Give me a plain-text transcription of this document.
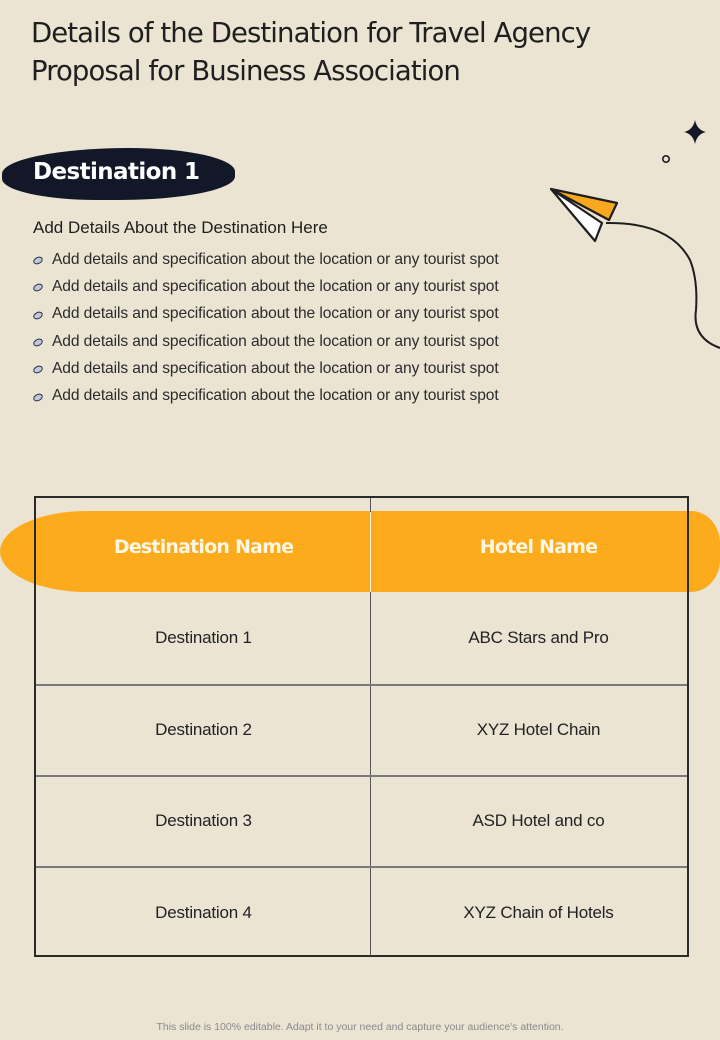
Details of the Destination for Travel Agency
Proposal for Business Association
Destination 1
Add Details About the Destination Here
Add details and specification about the location or any tourist spot
Add details and specification about the location or any tourist spot
Add details and specification about the location or any tourist spot
Add details and specification about the location or any tourist spot
Add details and specification about the location or any tourist spot
Add details and specification about the location or any tourist spot
Destination Name	Hotel Name
Destination 1	ABC Stars and Pro
Destination 2	XYZ Hotel Chain
Destination 3	ASD Hotel and co
Destination 4	XYZ Chain of Hotels
This slide is 100% editable. Adapt it to your need and capture your audience's attention.
